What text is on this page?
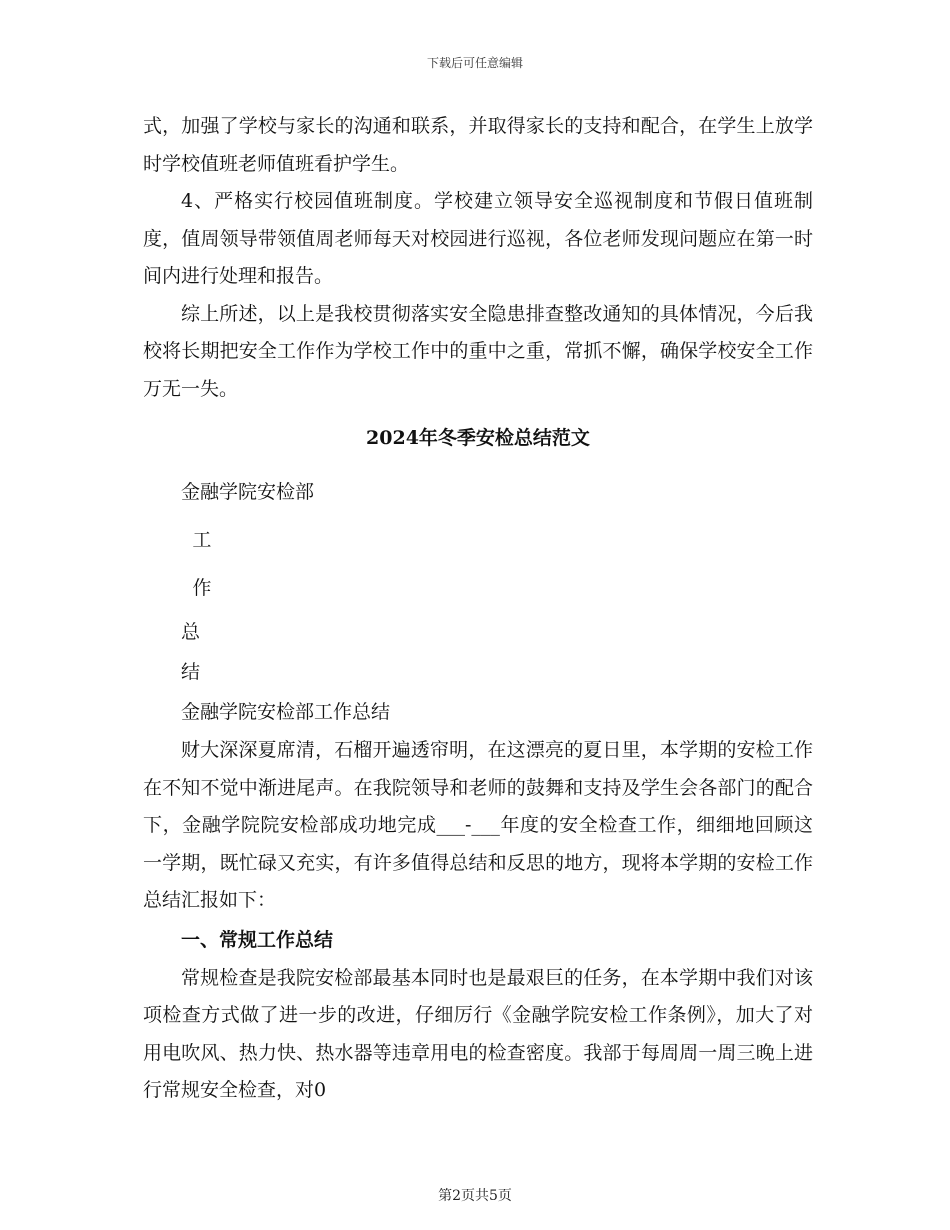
下载后可任意编辑

式，加强了学校与家长的沟通和联系，并取得家长的支持和配合，在学生上放学时学校值班老师值班看护学生。

4、严格实行校园值班制度。学校建立领导安全巡视制度和节假日值班制度，值周领导带领值周老师每天对校园进行巡视，各位老师发现问题应在第一时间内进行处理和报告。

综上所述，以上是我校贯彻落实安全隐患排查整改通知的具体情况，今后我校将长期把安全工作作为学校工作中的重中之重，常抓不懈，确保学校安全工作万无一失。

2024年冬季安检总结范文

金融学院安检部

工

作

总

结

金融学院安检部工作总结

财大深深夏席清，石榴开遍透帘明，在这漂亮的夏日里，本学期的安检工作在不知不觉中渐进尾声。在我院领导和老师的鼓舞和支持及学生会各部门的配合下，金融学院院安检部成功地完成___-___年度的安全检查工作，细细地回顾这一学期，既忙碌又充实，有许多值得总结和反思的地方，现将本学期的安检工作总结汇报如下：

一、常规工作总结

常规检查是我院安检部最基本同时也是最艰巨的任务，在本学期中我们对该项检查方式做了进一步的改进，仔细厉行《金融学院安检工作条例》，加大了对用电吹风、热力快、热水器等违章用电的检查密度。我部于每周周一周三晚上进行常规安全检查，对0

第2页共5页
